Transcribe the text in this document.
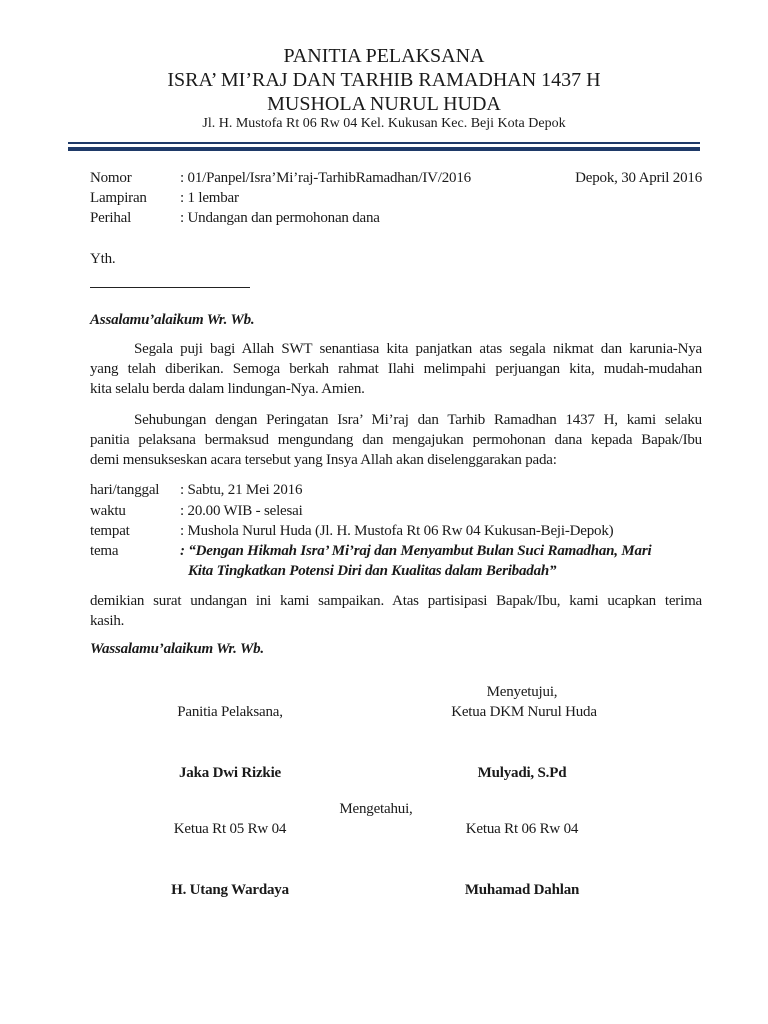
PANITIA PELAKSANA
ISRA’ MI’RAJ DAN TARHIB RAMADHAN 1437 H
MUSHOLA NURUL HUDA
Jl. H. Mustofa Rt 06 Rw 04 Kel. Kukusan Kec. Beji Kota Depok
Nomor	: 01/Panpel/Isra’Mi’raj-TarhibRamadhan/IV/2016	Depok, 30 April 2016
Lampiran : 1 lembar
Perihal	: Undangan dan permohonan dana
Yth.
Assalamu’alaikum Wr. Wb.
Segala puji bagi Allah SWT senantiasa kita panjatkan atas segala nikmat dan karunia-Nya
yang telah diberikan. Semoga berkah rahmat Ilahi melimpahi perjuangan kita, mudah-mudahan
kita selalu berda dalam lindungan-Nya. Amien.
Sehubungan dengan Peringatan Isra’ Mi’raj dan Tarhib Ramadhan 1437 H, kami selaku
panitia pelaksana bermaksud mengundang dan mengajukan permohonan dana kepada Bapak/Ibu
demi mensukseskan acara tersebut yang Insya Allah akan diselenggarakan pada:
hari/tanggal : Sabtu, 21 Mei 2016
waktu	: 20.00 WIB - selesai
tempat	: Mushola Nurul Huda (Jl. H. Mustofa Rt 06 Rw 04 Kukusan-Beji-Depok)
tema	: “Dengan Hikmah Isra’ Mi’raj dan Menyambut Bulan Suci Ramadhan, Mari
Kita Tingkatkan Potensi Diri dan Kualitas dalam Beribadah”
demikian surat undangan ini kami sampaikan. Atas partisipasi Bapak/Ibu, kami ucapkan terima
kasih.
Wassalamu’alaikum Wr. Wb.
Menyetujui,
Panitia Pelaksana,	Ketua DKM Nurul Huda
Jaka Dwi Rizkie	Mulyadi, S.Pd
Mengetahui,
Ketua Rt 05 Rw 04	Ketua Rt 06 Rw 04
H. Utang Wardaya	Muhamad Dahlan
